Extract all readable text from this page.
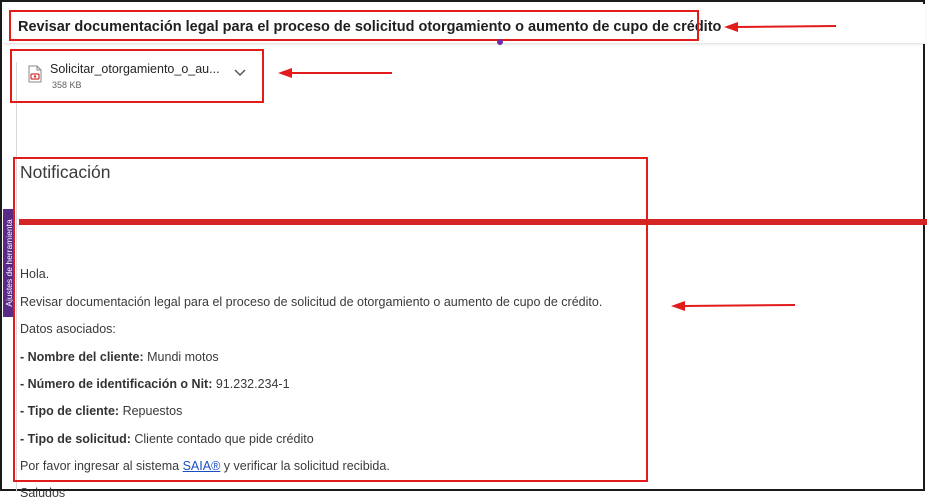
Revisar documentación legal para el proceso de solicitud otorgamiento o aumento de cupo de crédito
Solicitar_otorgamiento_o_au...
358 KB
Ajustes de herramienta
Notificación
Hola.
Revisar documentación legal para el proceso de solicitud de otorgamiento o aumento de cupo de crédito.
Datos asociados:
- Nombre del cliente: Mundi motos
- Número de identificación o Nit: 91.232.234-1
- Tipo de cliente: Repuestos
- Tipo de solicitud: Cliente contado que pide crédito
Por favor ingresar al sistema SAIA® y verificar la solicitud recibida.
Saludos
